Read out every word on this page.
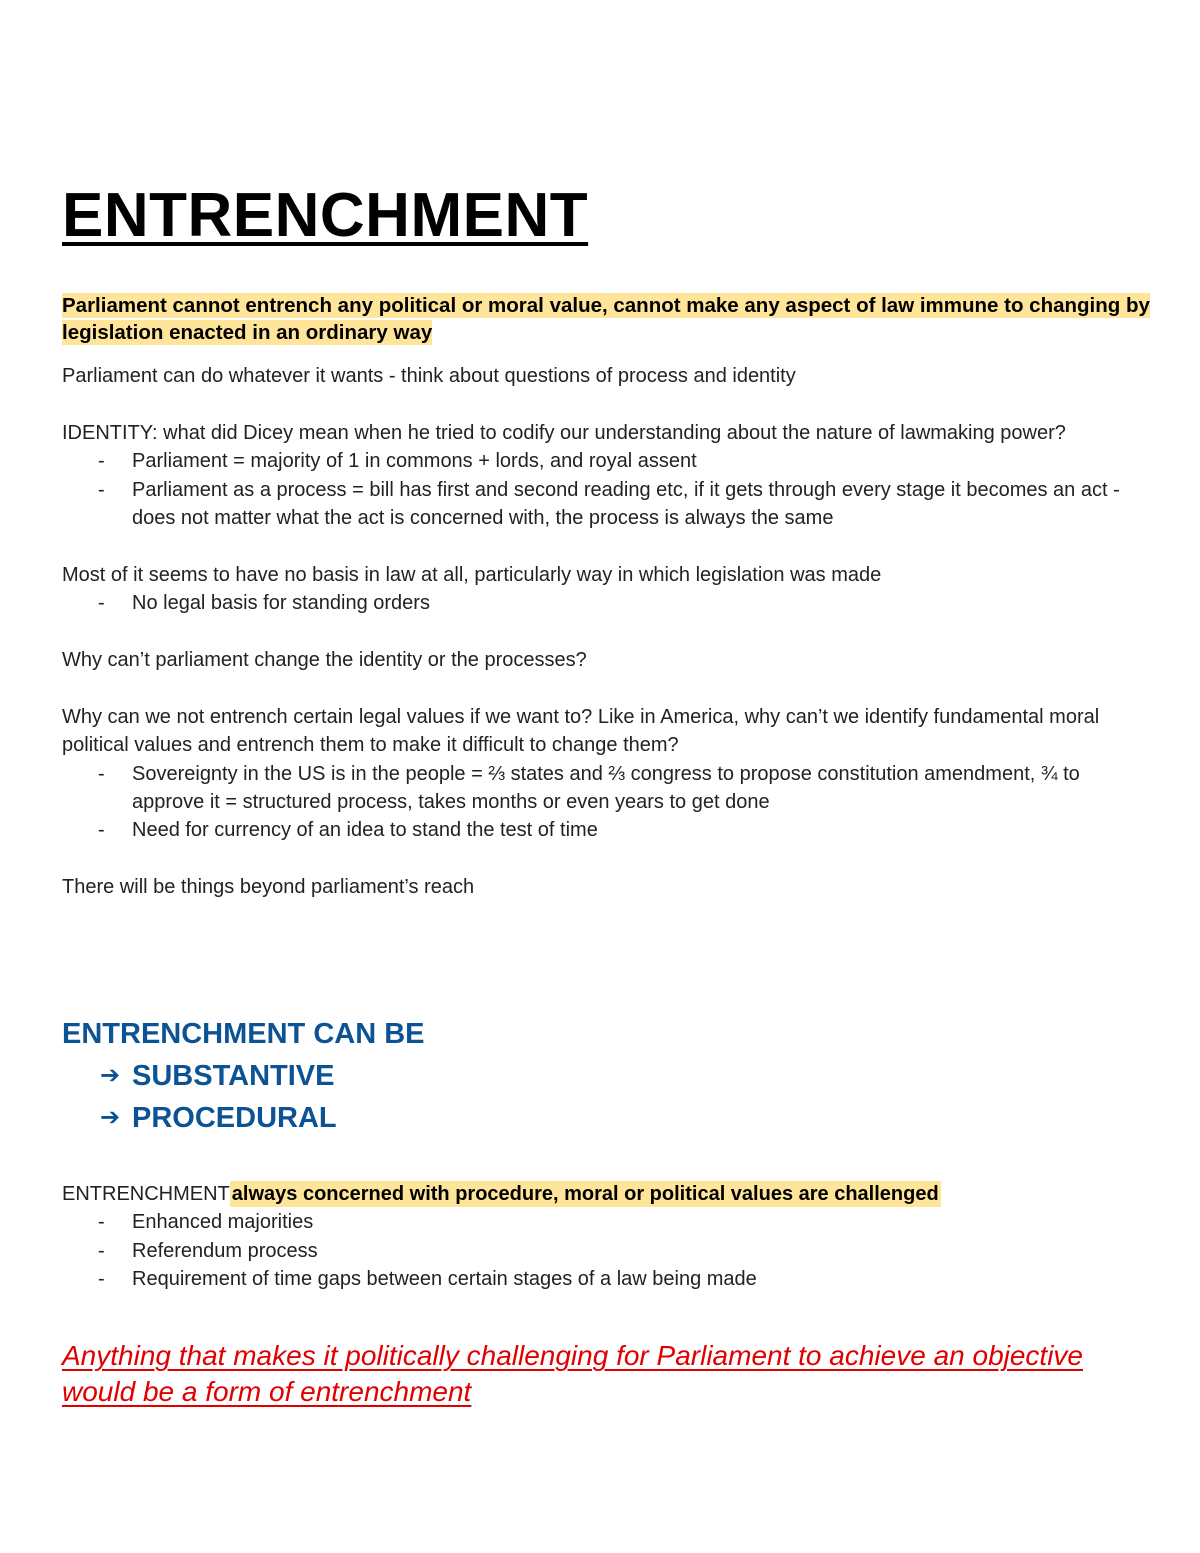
ENTRENCHMENT
Parliament cannot entrench any political or moral value, cannot make any aspect of law immune to changing by legislation enacted in an ordinary way

Parliament can do whatever it wants - think about questions of process and identity

IDENTITY: what did Dicey mean when he tried to codify our understanding about the nature of lawmaking power?

- Parliament = majority of 1 in commons + lords, and royal assent
- Parliament as a process = bill has first and second reading etc, if it gets through every stage it becomes an act - does not matter what the act is concerned with, the process is always the same

Most of it seems to have no basis in law at all, particularly way in which legislation was made

- No legal basis for standing orders

Why can’t parliament change the identity or the processes?

Why can we not entrench certain legal values if we want to? Like in America, why can’t we identify fundamental moral political values and entrench them to make it difficult to change them?

- Sovereignty in the US is in the people = ⅔ states and ⅔ congress to propose constitution amendment, ¾ to approve it = structured process, takes months or even years to get done
- Need for currency of an idea to stand the test of time

There will be things beyond parliament’s reach

ENTRENCHMENT CAN BE
➔ SUBSTANTIVE
➔ PROCEDURAL

ENTRENCHMENT always concerned with procedure, moral or political values are challenged

- Enhanced majorities
- Referendum process
- Requirement of time gaps between certain stages of a law being made

Anything that makes it politically challenging for Parliament to achieve an objective would be a form of entrenchment
